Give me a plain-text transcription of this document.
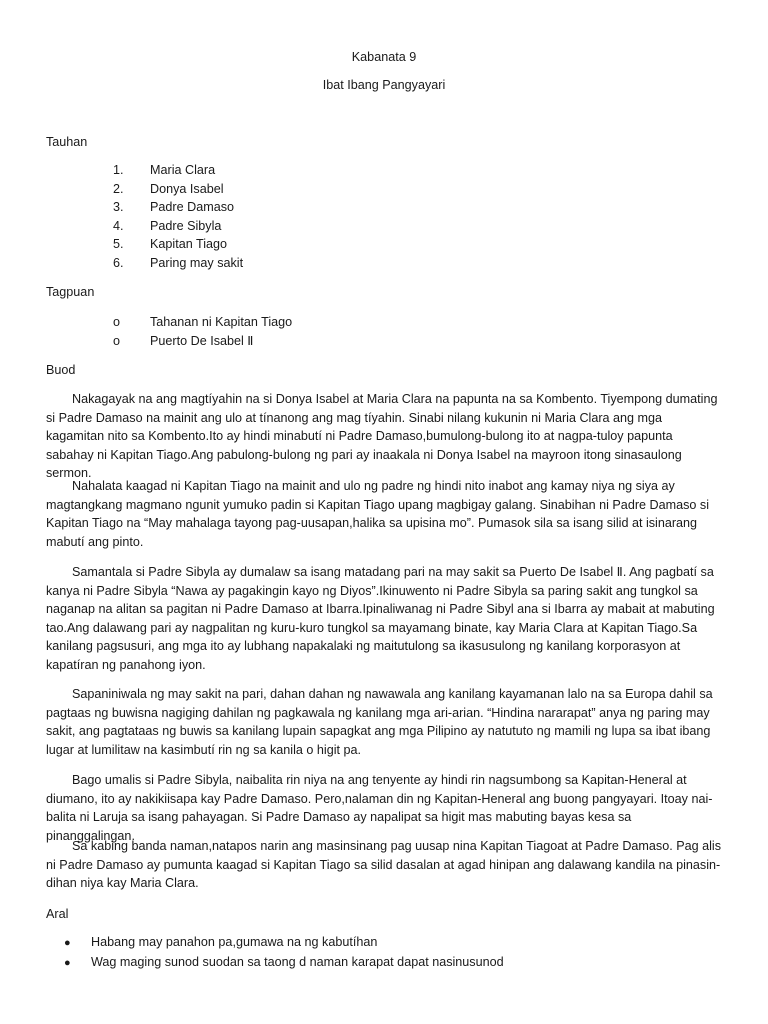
Kabanata 9
Ibat Ibang Pangyayari
Tauhan
1. Maria Clara
2. Donya Isabel
3. Padre Damaso
4. Padre Sibyla
5. Kapitan Tiago
6. Paring may sakit
Tagpuan
o Tahanan ni Kapitan Tiago
o Puerto De Isabel Ⅱ
Buod

Nakagayak na ang magtíyahin na si Donya Isabel at Maria Clara na papunta na sa Kombento. Tiyempong dumating si Padre Damaso na mainit ang ulo at tínanong ang mag tíyahin. Sinabi nilang kukunin ni Maria Clara ang mga kagamitan nito sa Kombento.Ito ay hindi minabutí ni Padre Damaso,bumulong-bulong ito at nagpa-tuloy papunta sabahay ni Kapitan Tiago.Ang pabulong-bulong ng pari ay inaakala ni Donya Isabel na mayroon itong sinasaulong sermon.

Nahalata kaagad ni Kapitan Tiago na mainit and ulo ng padre ng hindi nito inabot ang kamay niya ng siya ay magtangkang magmano ngunit yumuko padin si Kapitan Tiago upang magbigay galang. Sinabihan ni Padre Damaso si Kapitan Tiago na “May mahalaga tayong pag-uusapan,halika sa upisina mo”. Pumasok sila sa isang silid at isinarang mabutí ang pinto.

Samantala si Padre Sibyla ay dumalaw sa isang matadang pari na may sakit sa Puerto De Isabel Ⅱ. Ang pagbatí sa kanya ni Padre Sibyla “Nawa ay pagakingin kayo ng Diyos”.Ikinuwento ni Padre Sibyla sa paring sakit ang tungkol sa naganap na alitan sa pagitan ni Padre Damaso at Ibarra.Ipinaliwanag ni Padre Sibyl ana si Ibarra ay mabait at mabuting tao.Ang dalawang pari ay nagpalitan ng kuru-kuro tungkol sa mayamang binate, kay Maria Clara at Kapitan Tiago.Sa kanilang pagsusuri, ang mga ito ay lubhang napakalaki ng maitutulong sa ikasusulong ng kanilang korporasyon at kapatíran ng panahong iyon.

Sapaniniwala ng may sakit na pari, dahan dahan ng nawawala ang kanilang kayamanan lalo na sa Europa dahil sa pagtaas ng buwisna nagiging dahilan ng pagkawala ng kanilang mga ari-arian. “Hindina nararapat” anya ng paring may sakit, ang pagtataas ng buwis sa kanilang lupain sapagkat ang mga Pilipino ay natututo ng mamili ng lupa sa ibat ibang lugar at lumilitaw na kasimbutí rin ng sa kanila o higit pa.

Bago umalis si Padre Sibyla, naibalita rin niya na ang tenyente ay hindi rin nagsumbong sa Kapitan-Heneral at diumano, ito ay nakikiisapa kay Padre Damaso. Pero,nalaman din ng Kapitan-Heneral ang buong pangyayari. Itoay nai-balita ni Laruja sa isang pahayagan. Si Padre Damaso ay napalipat sa higit mas mabuting bayas kesa sa pinanggalingan.

Sa kabing banda naman,natapos narin ang masinsinang pag uusap nina Kapitan Tiagoat at Padre Damaso. Pag alis ni Padre Damaso ay pumunta kaagad si Kapitan Tiago sa silid dasalan at agad hinipan ang dalawang kandila na pinasin-dihan niya kay Maria Clara.

Aral
● Habang may panahon pa,gumawa na ng kabutíhan
● Wag maging sunod suodan sa taong d naman karapat dapat nasinusunod
